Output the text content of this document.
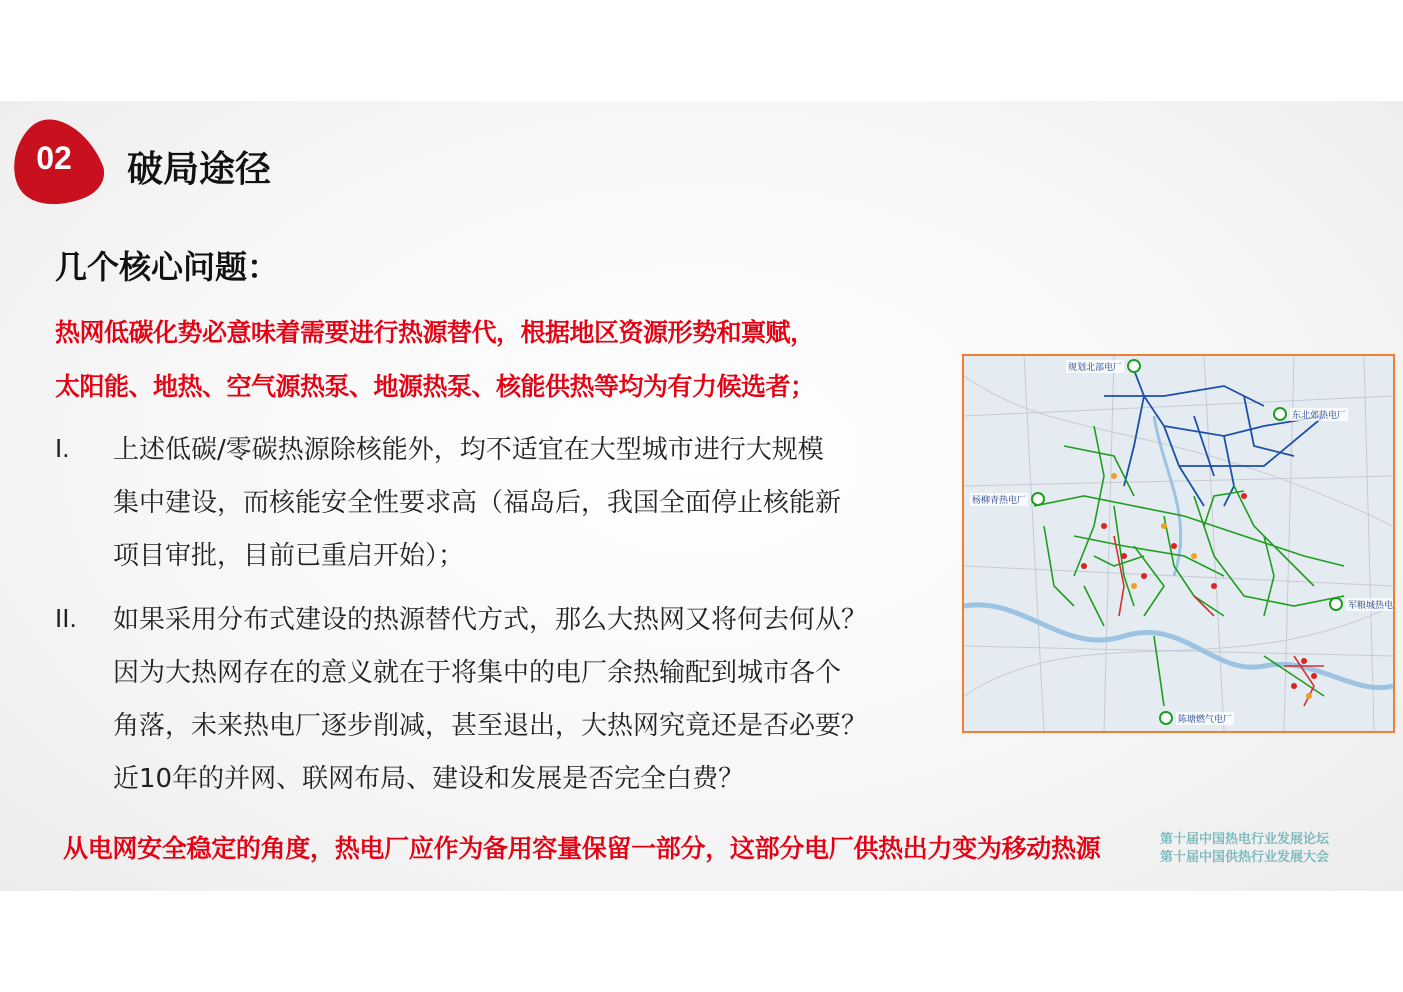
02	破局途径
几个核心问题：
热网低碳化势必意味着需要进行热源替代，根据地区资源形势和禀赋，
太阳能、地热、空气源热泵、地源热泵、核能供热等均为有力候选者；
I. 上述低碳/零碳热源除核能外，均不适宜在大型城市进行大规模
集中建设，而核能安全性要求高（福岛后，我国全面停止核能新
项目审批，目前已重启开始）；
II. 如果采用分布式建设的热源替代方式，那么大热网又将何去何从？
因为大热网存在的意义就在于将集中的电厂余热输配到城市各个
角落，未来热电厂逐步削减，甚至退出，大热网究竟还是否必要？
近10年的并网、联网布局、建设和发展是否完全白费？
规划北部电厂
东北郊热电厂
杨柳青热电厂
军粮城热电
陈塘燃气电厂
从电网安全稳定的角度，热电厂应作为备用容量保留一部分，这部分电厂供热出力变为移动热源	第十届中国热电行业发展论坛
第十届中国供热行业发展大会
